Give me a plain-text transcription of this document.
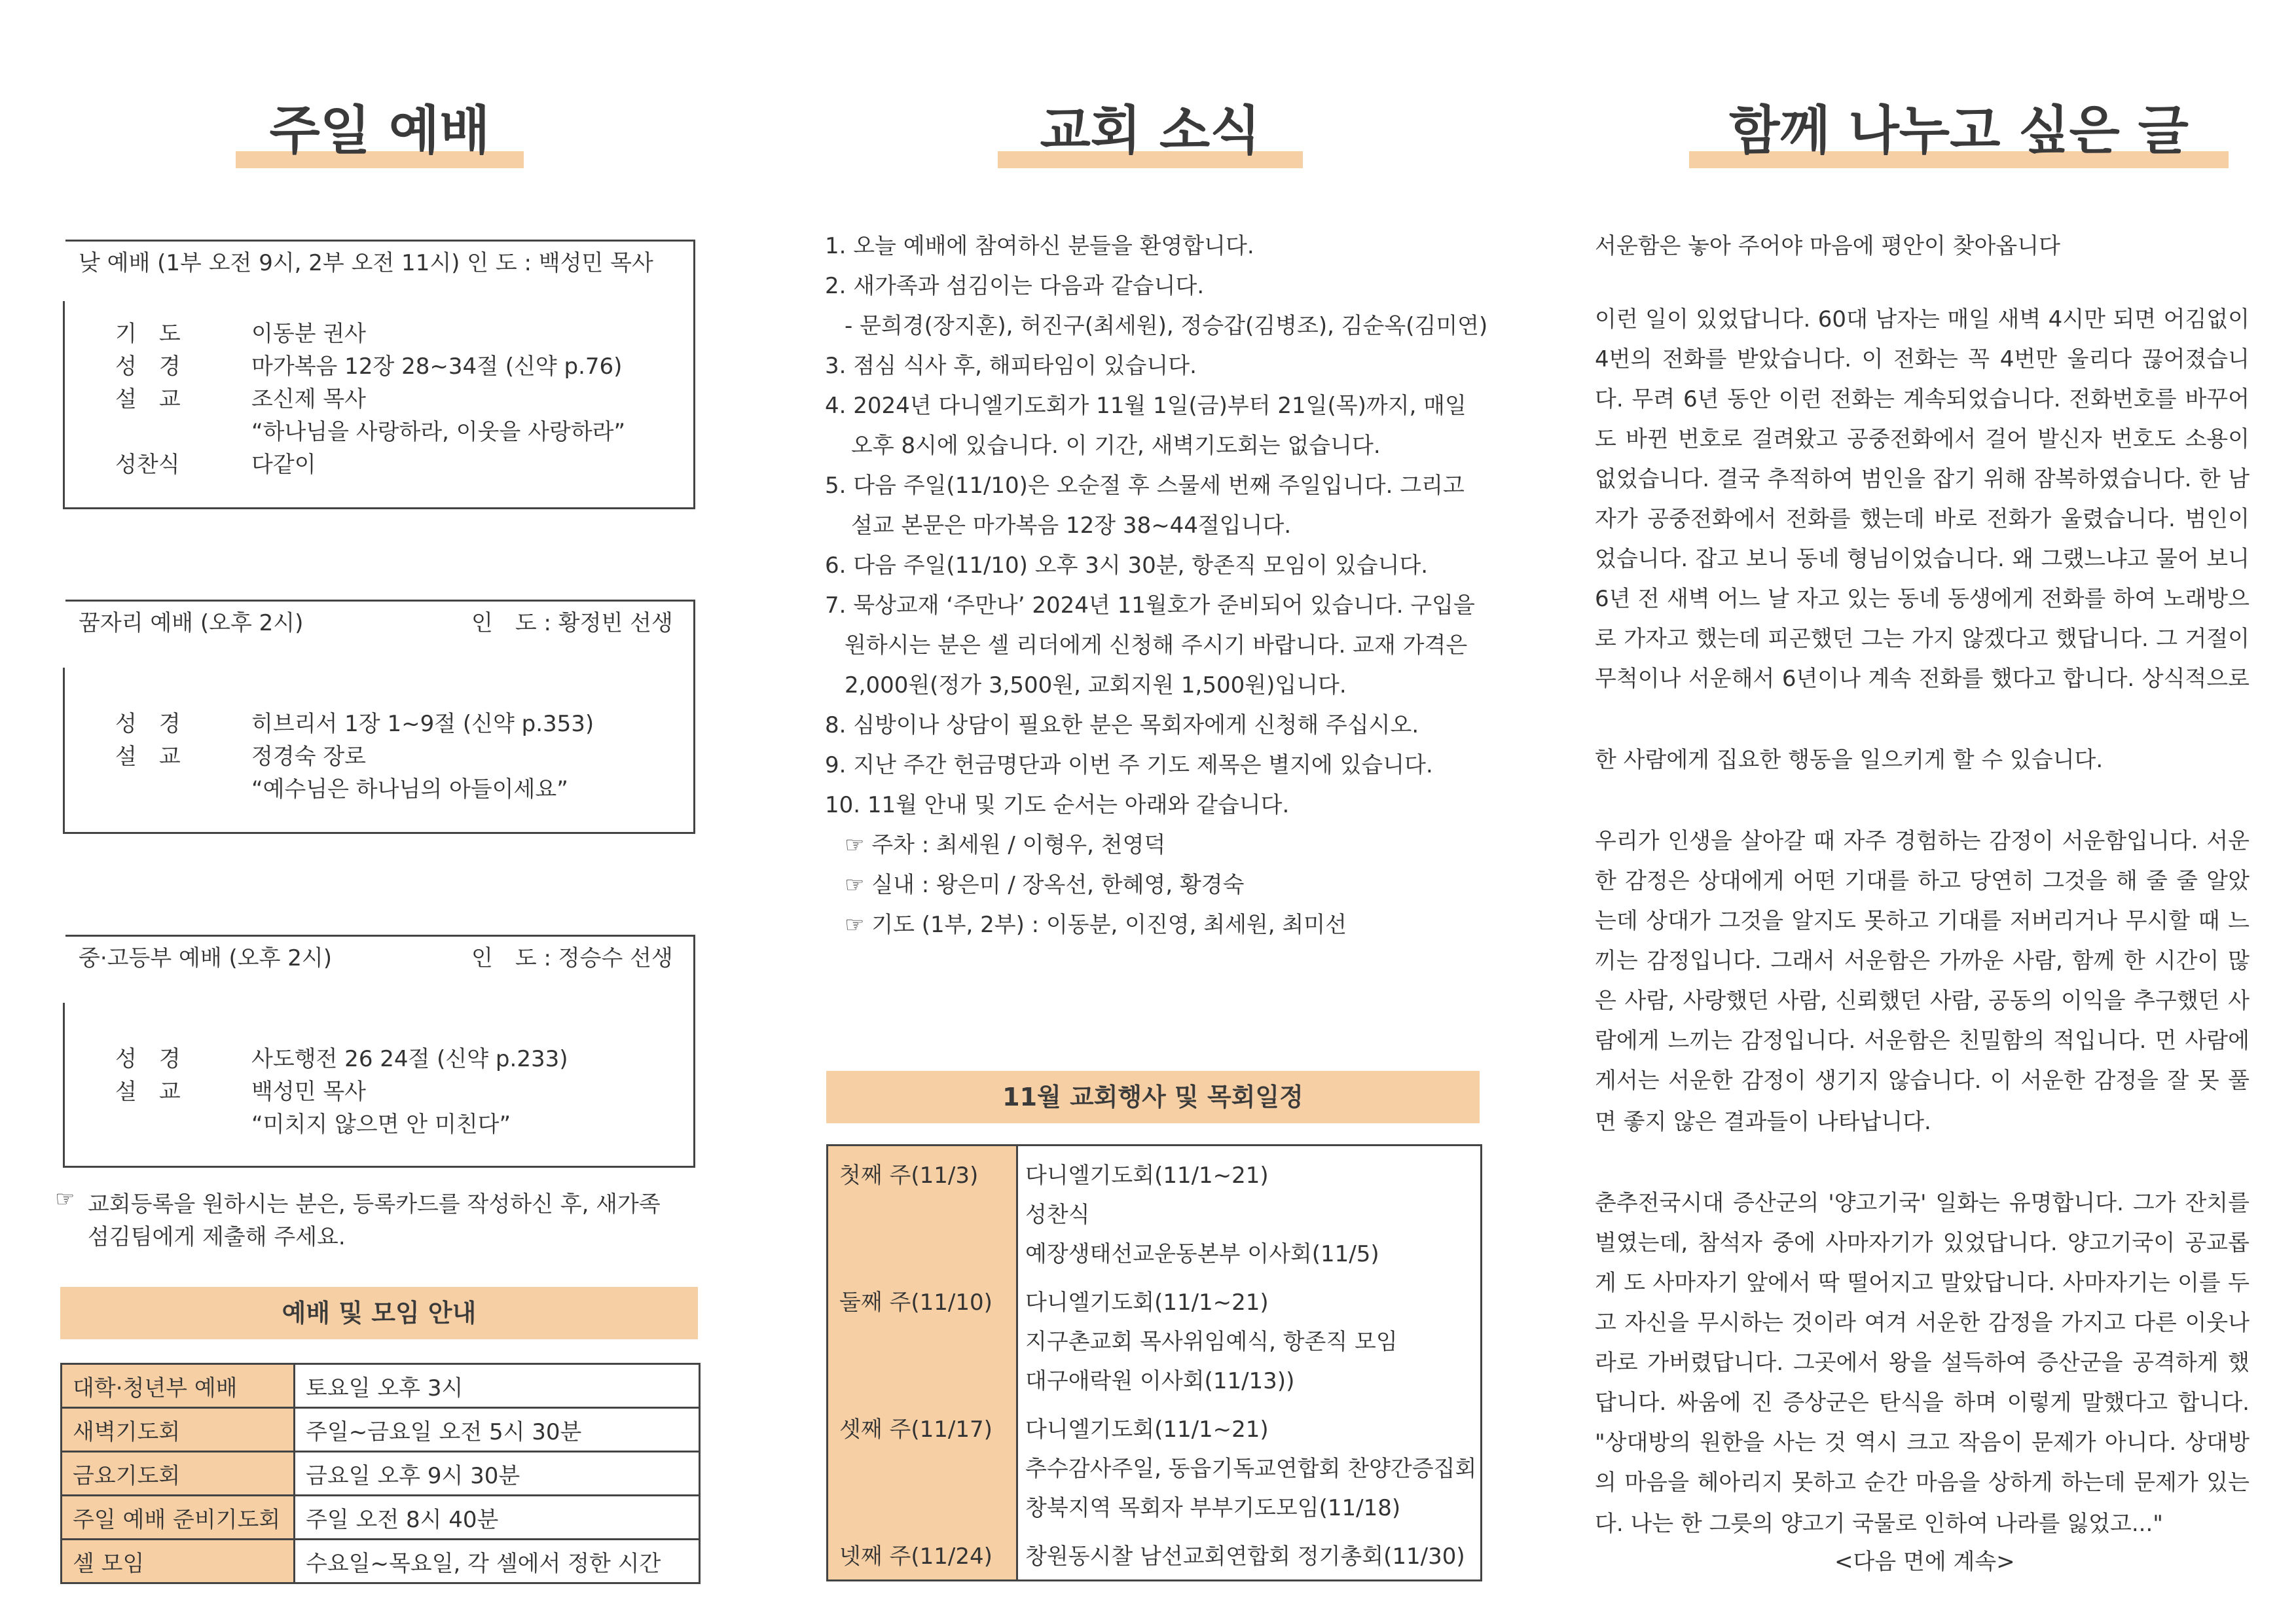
주일 예배
낮 예배 (1부 오전 9시, 2부 오전 11시) 인 도 : 백성민 목사
기　도	이동분 권사
성　경	마가복음 12장 28~34절 (신약 p.76)
설　교	조신제 목사
“하나님을 사랑하라, 이웃을 사랑하라”
성찬식	다같이
꿈자리 예배 (오후 2시)	인　도 : 황정빈 선생
성　경	히브리서 1장 1~9절 (신약 p.353)
설　교	정경숙 장로
“예수님은 하나님의 아들이세요”
중·고등부 예배 (오후 2시)	인　도 : 정승수 선생
성　경	사도행전 26 24절 (신약 p.233)
설　교	백성민 목사
“미치지 않으면 안 미친다”
☞ 교회등록을 원하시는 분은, 등록카드를 작성하신 후, 새가족
섬김팀에게 제출해 주세요.
예배 및 모임 안내
대학·청년부 예배	토요일 오후 3시
새벽기도회	주일~금요일 오전 5시 30분
금요기도회	금요일 오후 9시 30분
주일 예배 준비기도회	주일 오전 8시 40분
셀 모임	수요일~목요일, 각 셀에서 정한 시간
교회 소식
1. 오늘 예배에 참여하신 분들을 환영합니다.
2. 새가족과 섬김이는 다음과 같습니다.
- 문희경(장지훈), 허진구(최세원), 정승갑(김병조), 김순옥(김미연)
3. 점심 식사 후, 해피타임이 있습니다.
4. 2024년 다니엘기도회가 11월 1일(금)부터 21일(목)까지, 매일
오후 8시에 있습니다. 이 기간, 새벽기도회는 없습니다.
5. 다음 주일(11/10)은 오순절 후 스물세 번째 주일입니다. 그리고
설교 본문은 마가복음 12장 38~44절입니다.
6. 다음 주일(11/10) 오후 3시 30분, 항존직 모임이 있습니다.
7. 묵상교재 ‘주만나’ 2024년 11월호가 준비되어 있습니다. 구입을
원하시는 분은 셀 리더에게 신청해 주시기 바랍니다. 교재 가격은
2,000원(정가 3,500원, 교회지원 1,500원)입니다.
8. 심방이나 상담이 필요한 분은 목회자에게 신청해 주십시오.
9. 지난 주간 헌금명단과 이번 주 기도 제목은 별지에 있습니다.
10. 11월 안내 및 기도 순서는 아래와 같습니다.
☞ 주차 : 최세원 / 이형우, 천영덕
☞ 실내 : 왕은미 / 장옥선, 한혜영, 황경숙
☞ 기도 (1부, 2부) : 이동분, 이진영, 최세원, 최미선
11월 교회행사 및 목회일정
첫째 주(11/3) 다니엘기도회(11/1~21)
성찬식
예장생태선교운동본부 이사회(11/5)
둘째 주(11/10) 다니엘기도회(11/1~21)
지구촌교회 목사위임예식, 항존직 모임
대구애락원 이사회(11/13))
셋째 주(11/17) 다니엘기도회(11/1~21)
추수감사주일, 동읍기독교연합회 찬양간증집회
창북지역 목회자 부부기도모임(11/18)
넷째 주(11/24) 창원동시찰 남선교회연합회 정기총회(11/30)
함께 나누고 싶은 글
서운함은 놓아 주어야 마음에 평안이 찾아옵니다
이런 일이 있었답니다. 60대 남자는 매일 새벽 4시만 되면 어김없이 4번의 전화를 받았습니다. 이 전화는 꼭 4번만 울리다 끊어졌습니다. 무려 6년 동안 이런 전화는 계속되었습니다. 전화번호를 바꾸어도 바뀐 번호로 걸려왔고 공중전화에서 걸어 발신자 번호도 소용이 없었습니다. 결국 추적하여 범인을 잡기 위해 잠복하였습니다. 한 남자가 공중전화에서 전화를 했는데 바로 전화가 울렸습니다. 범인이었습니다. 잡고 보니 동네 형님이었습니다. 왜 그랬느냐고 물어 보니 6년 전 새벽 어느 날 자고 있는 동네 동생에게 전화를 하여 노래방으로 가자고 했는데 피곤했던 그는 가지 않겠다고 했답니다. 그 거절이 무척이나 서운해서 6년이나 계속 전화를 했다고 합니다. 상식적으로
한 사람에게 집요한 행동을 일으키게 할 수 있습니다.
우리가 인생을 살아갈 때 자주 경험하는 감정이 서운함입니다. 서운한 감정은 상대에게 어떤 기대를 하고 당연히 그것을 해 줄 줄 알았는데 상대가 그것을 알지도 못하고 기대를 저버리거나 무시할 때 느끼는 감정입니다. 그래서 서운함은 가까운 사람, 함께 한 시간이 많은 사람, 사랑했던 사람, 신뢰했던 사람, 공동의 이익을 추구했던 사람에게 느끼는 감정입니다. 서운함은 친밀함의 적입니다. 먼 사람에게서는 서운한 감정이 생기지 않습니다. 이 서운한 감정을 잘 못 풀
면 좋지 않은 결과들이 나타납니다.
춘추전국시대 증산군의 '양고기국' 일화는 유명합니다. 그가 잔치를 벌였는데, 참석자 중에 사마자기가 있었답니다. 양고기국이 공교롭게 도 사마자기 앞에서 딱 떨어지고 말았답니다. 사마자기는 이를 두고 자신을 무시하는 것이라 여겨 서운한 감정을 가지고 다른 이웃나라로 가버렸답니다. 그곳에서 왕을 설득하여 증산군을 공격하게 했답니다. 싸움에 진 증상군은 탄식을 하며 이렇게 말했다고 합니다. "상대방의 원한을 사는 것 역시 크고 작음이 문제가 아니다. 상대방의 마음을 헤아리지 못하고 순간 마음을 상하게 하는데 문제가 있는
다. 나는 한 그릇의 양고기 국물로 인하여 나라를 잃었고..."
<다음 면에 계속>
